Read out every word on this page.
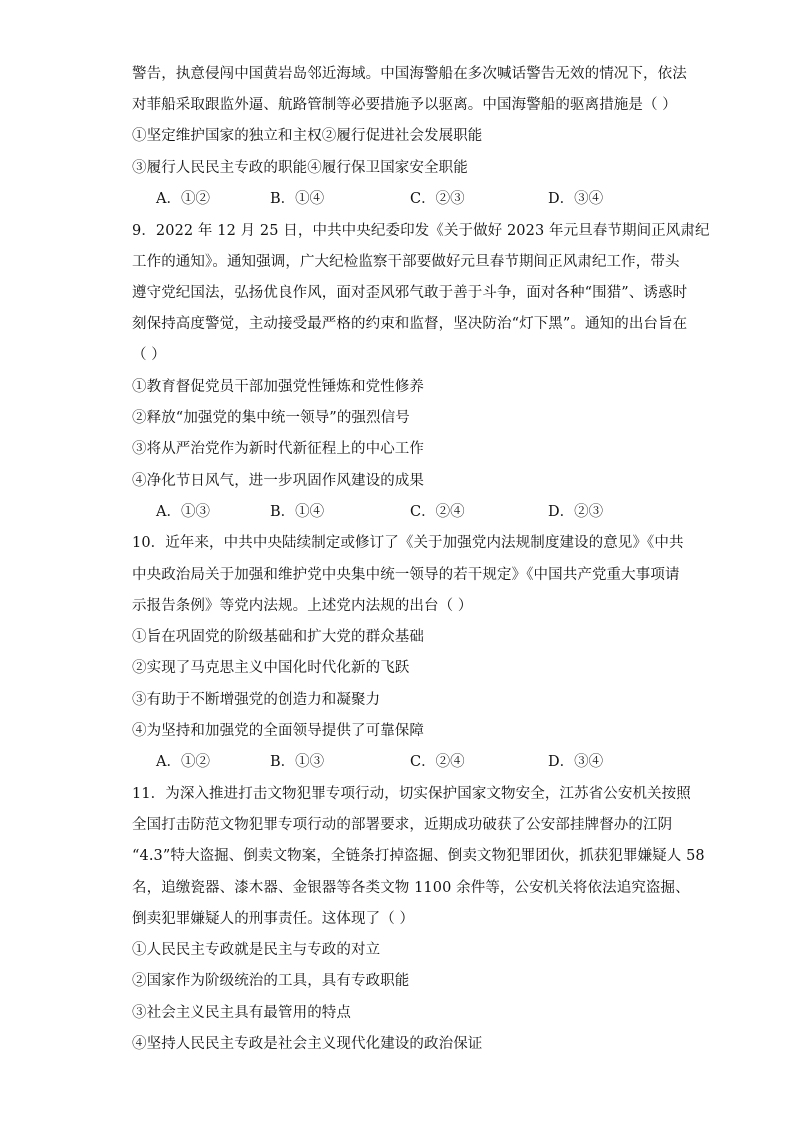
警告，执意侵闯中国黄岩岛邻近海域。中国海警船在多次喊话警告无效的情况下，依法
对菲船采取跟监外逼、航路管制等必要措施予以驱离。中国海警船的驱离措施是（ ）
①坚定维护国家的独立和主权②履行促进社会发展职能
③履行人民民主专政的职能④履行保卫国家安全职能
A．①②	B．①④	C．②③	D．③④
9．2022 年 12 月 25 日，中共中央纪委印发《关于做好 2023 年元旦春节期间正风肃纪
工作的通知》。通知强调，广大纪检监察干部要做好元旦春节期间正风肃纪工作，带头
遵守党纪国法，弘扬优良作风，面对歪风邪气敢于善于斗争，面对各种“围猎”、诱惑时
刻保持高度警觉，主动接受最严格的约束和监督，坚决防治“灯下黑”。通知的出台旨在
（ ）
①教育督促党员干部加强党性锤炼和党性修养
②释放“加强党的集中统一领导”的强烈信号
③将从严治党作为新时代新征程上的中心工作
④净化节日风气，进一步巩固作风建设的成果
A．①③	B．①④	C．②④	D．②③
10．近年来，中共中央陆续制定或修订了《关于加强党内法规制度建设的意见》《中共
中央政治局关于加强和维护党中央集中统一领导的若干规定》《中国共产党重大事项请
示报告条例》等党内法规。上述党内法规的出台（ ）
①旨在巩固党的阶级基础和扩大党的群众基础
②实现了马克思主义中国化时代化新的飞跃
③有助于不断增强党的创造力和凝聚力
④为坚持和加强党的全面领导提供了可靠保障
A．①②	B．①③	C．②④	D．③④
11．为深入推进打击文物犯罪专项行动，切实保护国家文物安全，江苏省公安机关按照
全国打击防范文物犯罪专项行动的部署要求，近期成功破获了公安部挂牌督办的江阴
“4.3”特大盗掘、倒卖文物案，全链条打掉盗掘、倒卖文物犯罪团伙，抓获犯罪嫌疑人 58
名，追缴瓷器、漆木器、金银器等各类文物 1100 余件等，公安机关将依法追究盗掘、
倒卖犯罪嫌疑人的刑事责任。这体现了（ ）
①人民民主专政就是民主与专政的对立
②国家作为阶级统治的工具，具有专政职能
③社会主义民主具有最管用的特点
④坚持人民民主专政是社会主义现代化建设的政治保证
